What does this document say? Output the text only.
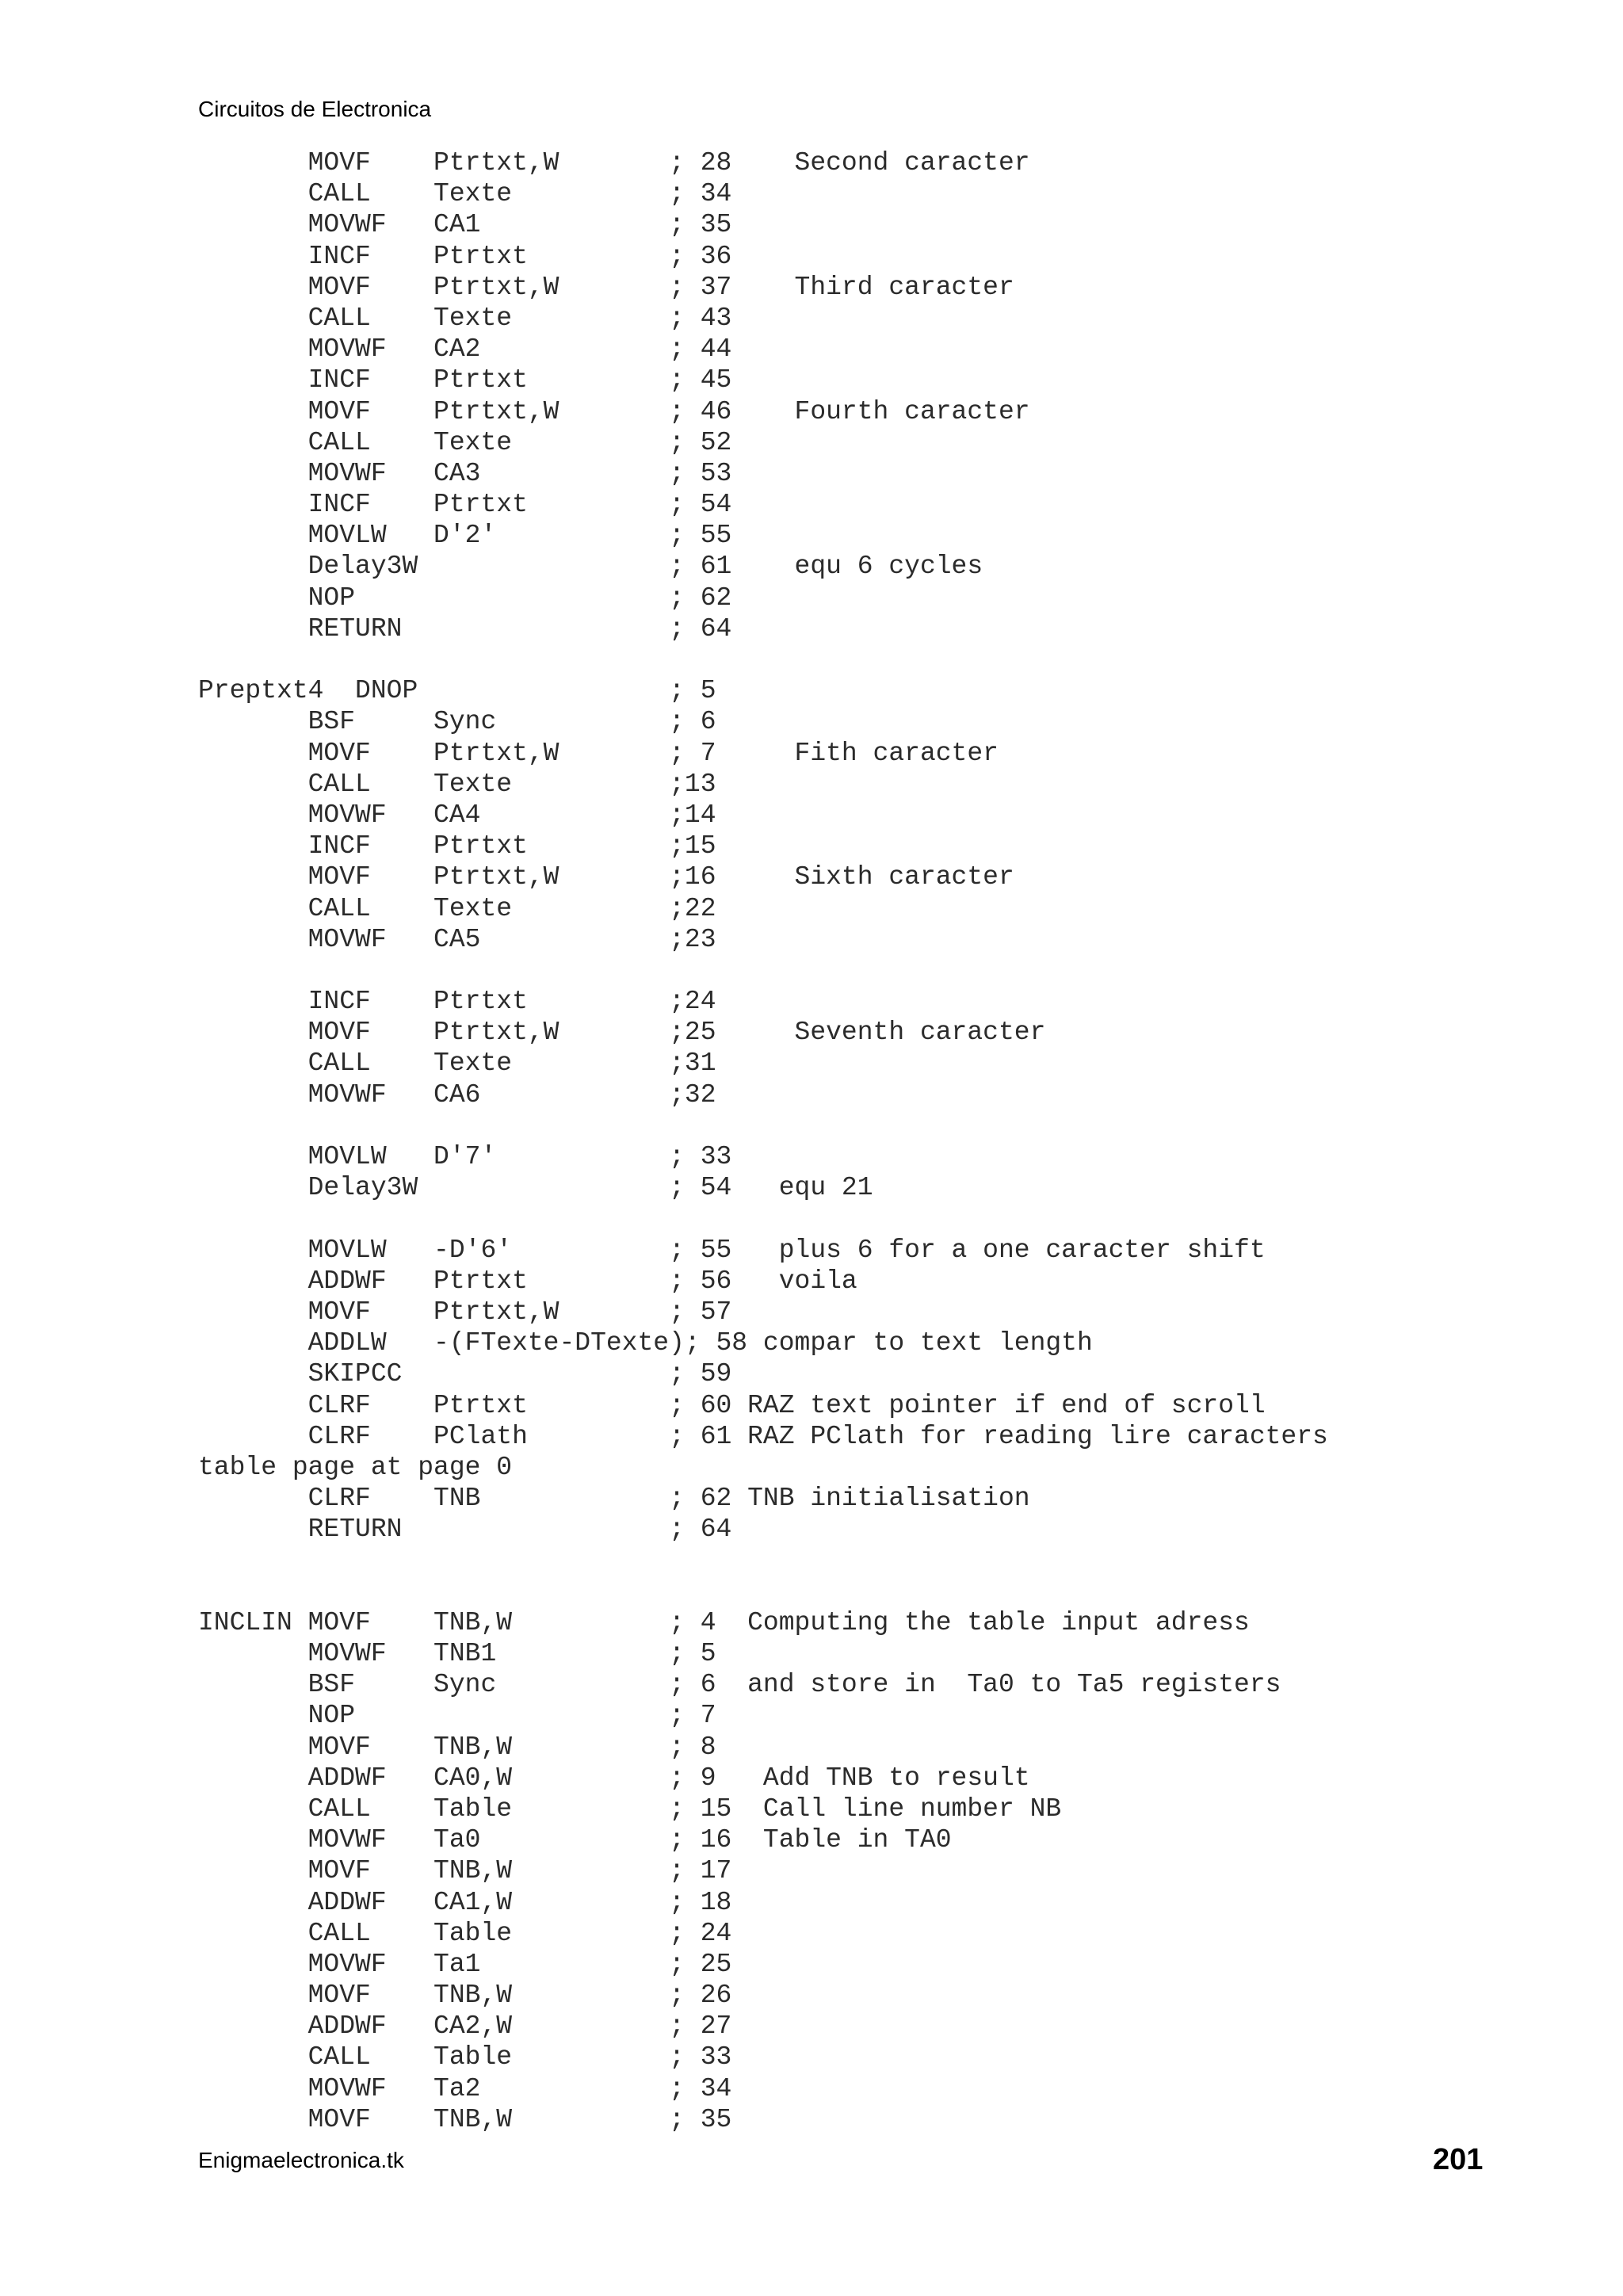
Circuitos de Electronica
MOVF    Ptrtxt,W       ; 28    Second caracter
CALL    Texte          ; 34
MOVWF   CA1            ; 35
INCF    Ptrtxt         ; 36
MOVF    Ptrtxt,W       ; 37    Third caracter
CALL    Texte          ; 43
MOVWF   CA2            ; 44
INCF    Ptrtxt         ; 45
MOVF    Ptrtxt,W       ; 46    Fourth caracter
CALL    Texte          ; 52
MOVWF   CA3            ; 53
INCF    Ptrtxt         ; 54
MOVLW   D'2'           ; 55
Delay3W                ; 61    equ 6 cycles
NOP                    ; 62
RETURN                 ; 64

Preptxt4  DNOP                ; 5
BSF     Sync           ; 6
MOVF    Ptrtxt,W       ; 7     Fith caracter
CALL    Texte          ;13
MOVWF   CA4            ;14
INCF    Ptrtxt         ;15
MOVF    Ptrtxt,W       ;16     Sixth caracter
CALL    Texte          ;22
MOVWF   CA5            ;23

INCF    Ptrtxt         ;24
MOVF    Ptrtxt,W       ;25     Seventh caracter
CALL    Texte          ;31
MOVWF   CA6            ;32

MOVLW   D'7'           ; 33
Delay3W                ; 54   equ 21

MOVLW   -D'6'          ; 55   plus 6 for a one caracter shift
ADDWF   Ptrtxt         ; 56   voila
MOVF    Ptrtxt,W       ; 57
ADDLW   -(FTexte-DTexte); 58 compar to text length
SKIPCC                 ; 59
CLRF    Ptrtxt         ; 60 RAZ text pointer if end of scroll
CLRF    PClath         ; 61 RAZ PClath for reading lire caracters
table page at page 0
CLRF    TNB            ; 62 TNB initialisation
RETURN                 ; 64

INCLIN MOVF    TNB,W          ; 4  Computing the table input adress
MOVWF   TNB1           ; 5
BSF     Sync           ; 6  and store in  Ta0 to Ta5 registers
NOP                    ; 7
MOVF    TNB,W          ; 8
ADDWF   CA0,W          ; 9   Add TNB to result
CALL    Table          ; 15  Call line number NB
MOVWF   Ta0            ; 16  Table in TA0
MOVF    TNB,W          ; 17
ADDWF   CA1,W          ; 18
CALL    Table          ; 24
MOVWF   Ta1            ; 25
MOVF    TNB,W          ; 26
ADDWF   CA2,W          ; 27
CALL    Table          ; 33
MOVWF   Ta2            ; 34
MOVF    TNB,W          ; 35
Enigmaelectronica.tk	201
